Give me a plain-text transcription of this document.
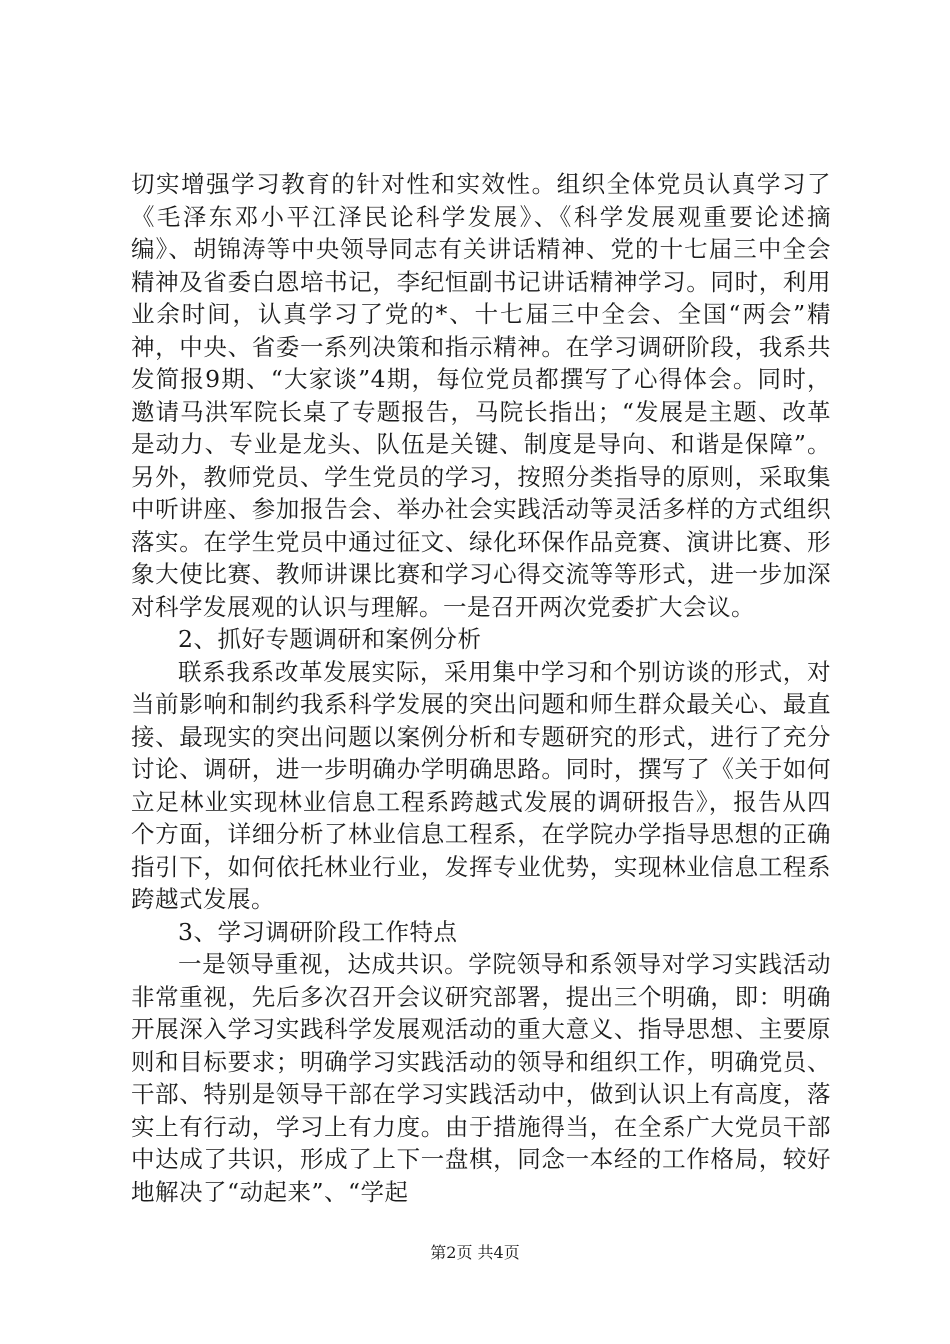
切实增强学习教育的针对性和实效性。组织全体党员认真学习了《毛泽东邓小平江泽民论科学发展》、《科学发展观重要论述摘编》、胡锦涛等中央领导同志有关讲话精神、党的十七届三中全会精神及省委白恩培书记，李纪恒副书记讲话精神学习。同时，利用业余时间，认真学习了党的*、十七届三中全会、全国“两会”精神，中央、省委一系列决策和指示精神。在学习调研阶段，我系共发简报9期、“大家谈”4期，每位党员都撰写了心得体会。同时，邀请马洪军院长桌了专题报告，马院长指出；“发展是主题、改革是动力、专业是龙头、队伍是关键、制度是导向、和谐是保障”。另外，教师党员、学生党员的学习，按照分类指导的原则，采取集中听讲座、参加报告会、举办社会实践活动等灵活多样的方式组织落实。在学生党员中通过征文、绿化环保作品竞赛、演讲比赛、形象大使比赛、教师讲课比赛和学习心得交流等等形式，进一步加深对科学发展观的认识与理解。一是召开两次党委扩大会议。

2、抓好专题调研和案例分析

联系我系改革发展实际，采用集中学习和个别访谈的形式，对当前影响和制约我系科学发展的突出问题和师生群众最关心、最直接、最现实的突出问题以案例分析和专题研究的形式，进行了充分讨论、调研，进一步明确办学明确思路。同时，撰写了《关于如何立足林业实现林业信息工程系跨越式发展的调研报告》，报告从四个方面，详细分析了林业信息工程系，在学院办学指导思想的正确指引下，如何依托林业行业，发挥专业优势，实现林业信息工程系跨越式发展。

3、学习调研阶段工作特点

一是领导重视，达成共识。学院领导和系领导对学习实践活动非常重视，先后多次召开会议研究部署，提出三个明确，即：明确开展深入学习实践科学发展观活动的重大意义、指导思想、主要原则和目标要求；明确学习实践活动的领导和组织工作，明确党员、干部、特别是领导干部在学习实践活动中，做到认识上有高度，落实上有行动，学习上有力度。由于措施得当，在全系广大党员干部中达成了共识，形成了上下一盘棋，同念一本经的工作格局，较好地解决了“动起来”、“学起

第2页 共4页
